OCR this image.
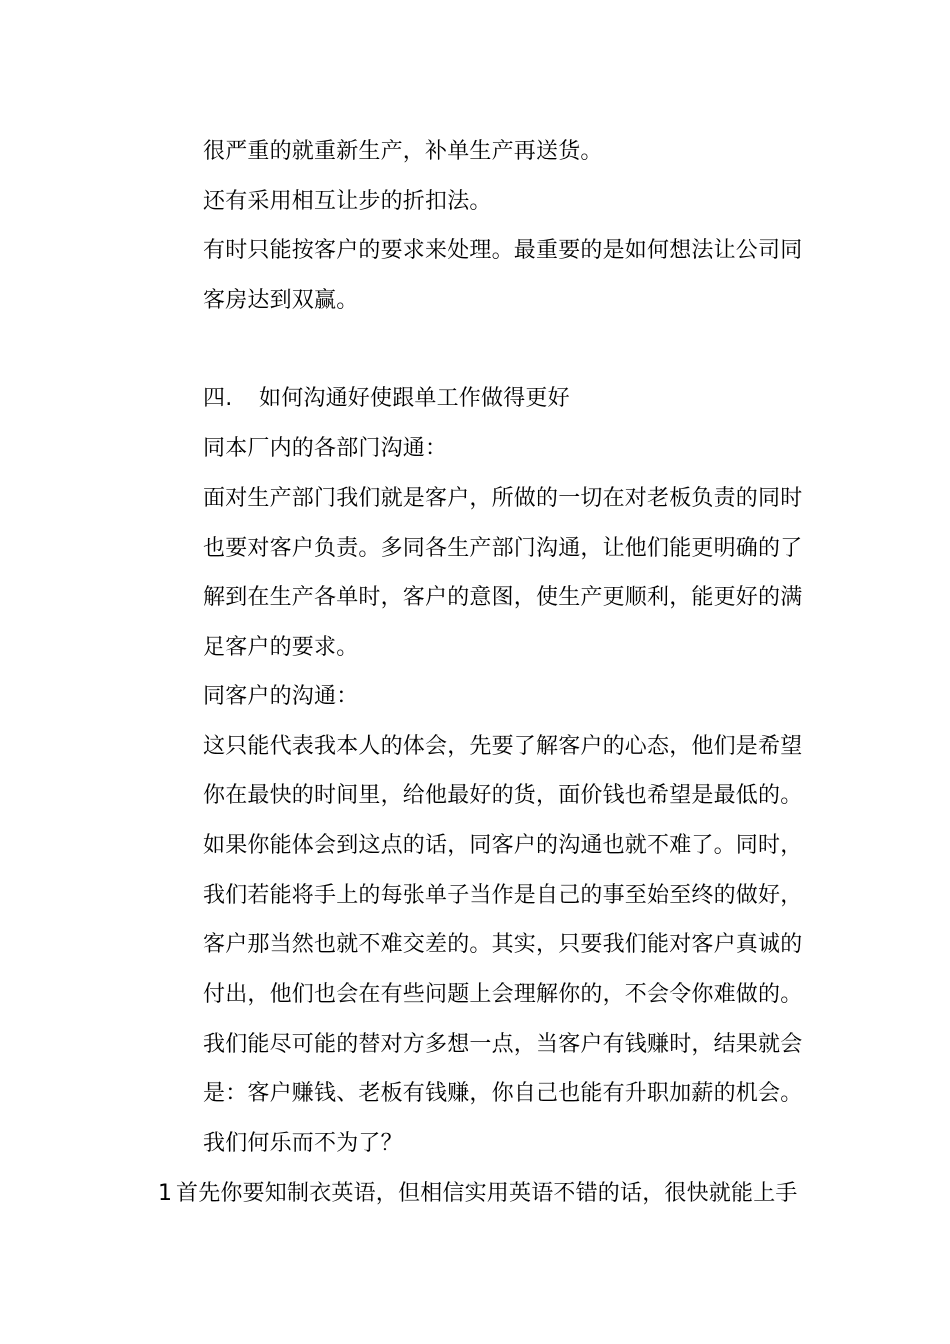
很严重的就重新生产，补单生产再送货。
还有采用相互让步的折扣法。
有时只能按客户的要求来处理。最重要的是如何想法让公司同
客房达到双赢。
四. 如何沟通好使跟单工作做得更好
同本厂内的各部门沟通：
面对生产部门我们就是客户，所做的一切在对老板负责的同时
也要对客户负责。多同各生产部门沟通，让他们能更明确的了
解到在生产各单时，客户的意图，使生产更顺利，能更好的满
足客户的要求。
同客户的沟通：
这只能代表我本人的体会，先要了解客户的心态，他们是希望
你在最快的时间里，给他最好的货，面价钱也希望是最低的。
如果你能体会到这点的话，同客户的沟通也就不难了。同时，
我们若能将手上的每张单子当作是自己的事至始至终的做好，
客户那当然也就不难交差的。其实，只要我们能对客户真诚的
付出，他们也会在有些问题上会理解你的，不会令你难做的。
我们能尽可能的替对方多想一点，当客户有钱赚时，结果就会
是：客户赚钱、老板有钱赚，你自己也能有升职加薪的机会。
我们何乐而不为了？
1 首先你要知制衣英语，但相信实用英语不错的话，很快就能上手
